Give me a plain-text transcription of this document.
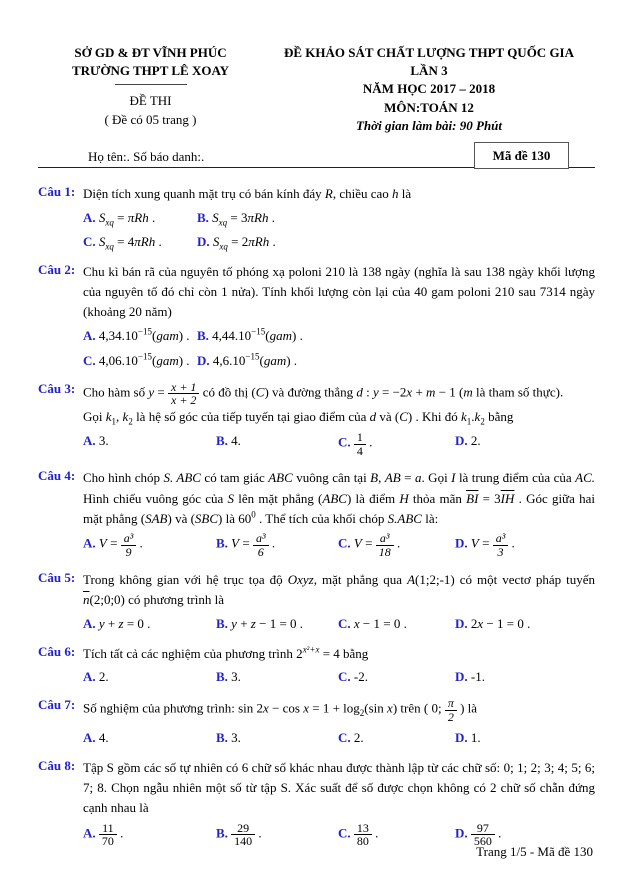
SỞ GD & ĐT VĨNH PHÚC
TRƯỜNG THPT LÊ XOAY
ĐỀ THI
( Đề có 05 trang )
ĐỀ KHẢO SÁT CHẤT LƯỢNG THPT QUỐC GIA
LẦN 3
NĂM HỌC 2017 – 2018
MÔN:TOÁN 12
Thời gian làm bài: 90 Phút
Mã đề 130
Họ tên:. Số báo danh:.
Câu 1: Diện tích xung quanh mặt trụ có bán kính đáy R, chiều cao h là
A. $S_{xq} = \pi Rh$ .	B. $S_{xq} = 3\pi Rh$ .
C. $S_{xq} = 4\pi Rh$ .	D. $S_{xq} = 2\pi Rh$ .
Câu 2: Chu kì bán rã của nguyên tố phóng xạ poloni 210 là 138 ngày (nghĩa là sau 138 ngày khối lượng của nguyên tố đó chỉ còn 1 nửa). Tính khối lượng còn lại của 40 gam poloni 210 sau 7314 ngày (khoảng 20 năm)
A. $4,34.10^{-15}(gam)$ . B. $4,44.10^{-15}(gam)$ .
C. $4,06.10^{-15}(gam)$ . D. $4,6.10^{-15}(gam)$ .
Câu 3: Cho hàm số $y = \frac{x + 1}{x + 2}$ có đồ thị (C) và đường thẳng d : y = −2x + m − 1 (m là tham số thực).
Gọi $k_1$, $k_2$ là hệ số góc của tiếp tuyến tại giao điểm của d và (C) . Khi đó $k_1.k_2$ bằng
A. 3.	B. 4.	C. $\frac{1}{4}$ .	D. 2.
Câu 4: Cho hình chóp S. ABC có tam giác ABC vuông cân tại B, AB = a. Gọi I là trung điểm của của AC. Hình chiếu vuông góc của S lên mặt phẳng (ABC) là điểm H thỏa mãn $\overline{BI} = 3\overline{IH}$ . Góc giữa hai mặt phẳng (SAB) và (SBC) là $60^0$ . Thể tích của khối chóp S.ABC là:
A. $V = \frac{\text{a³}}{9}$ .	B. $V = \frac{\text{a³}}{6}$ .	C. $V = \frac{\text{a³}}{18}$ .	D. $V = \frac{\text{a³}}{3}$ .
Câu 5: Trong không gian với hệ trục tọa độ Oxyz, mặt phẳng qua A(1;2;-1) có một vectơ pháp tuyến $\overline{n}(2;0;0)$ có phương trình là
A. y + z = 0 .	B. y + z − 1 = 0 .	C. x − 1 = 0 .	D. 2x − 1 = 0 .
Câu 6: Tích tất cả các nghiệm của phương trình $2^{x^2+x} = 4$ bằng
A. 2.	B. 3.	C. -2.	D. -1.
Câu 7: Số nghiệm của phương trình: $\sin 2x - \cos x = 1 + \log_2(\sin$ x) trên ( 0; $\frac{\pi}{2}$ ) là
A. 4.	B. 3.	C. 2.	D. 1.
Câu 8: Tập S gồm các số tự nhiên có 6 chữ số khác nhau được thành lập từ các chữ số: 0; 1; 2; 3; 4; 5; 6; 7; 8. Chọn ngẫu nhiên một số từ tập S. Xác suất để số được chọn không có 2 chữ số chẵn đứng cạnh nhau là
A. $\frac{11}{70}$ .	B. $\frac{29}{140}$ .	C. $\frac{13}{80}$ .	D. $\frac{97}{560}$ .
Trang 1/5 - Mã đề 130
